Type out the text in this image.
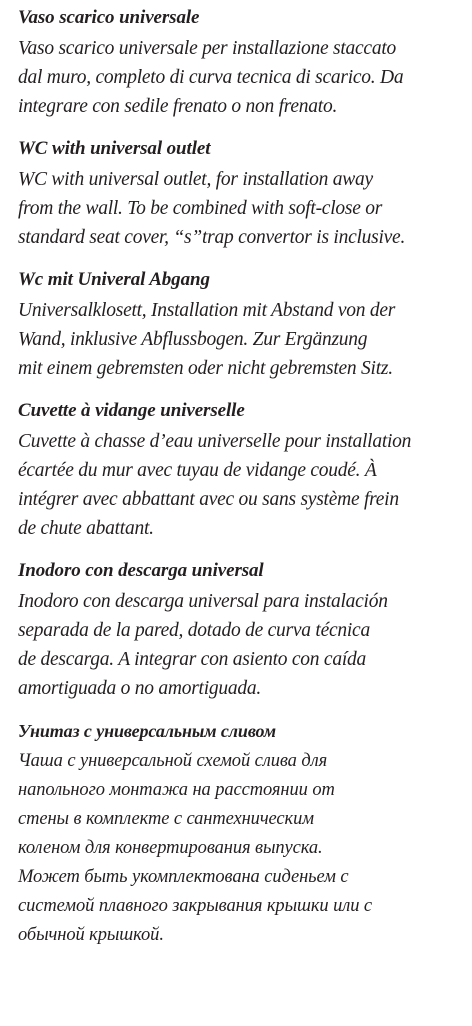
Vaso scarico universale

Vaso scarico universale per installazione staccato
dal muro, completo di curva tecnica di scarico. Da
integrare con sedile frenato o non frenato.

WC with universal outlet

WC with universal outlet, for installation away
from the wall. To be combined with soft-close or
standard seat cover, “s”trap convertor is inclusive.

Wc mit Univeral Abgang

Universalklosett, Installation mit Abstand von der
Wand, inklusive Abflussbogen. Zur Ergänzung
mit einem gebremsten oder nicht gebremsten Sitz.

Cuvette à vidange universelle

Cuvette à chasse d’eau universelle pour installation
écartée du mur avec tuyau de vidange coudé. À
intégrer avec abbattant avec ou sans système frein
de chute abattant.

Inodoro con descarga universal

Inodoro con descarga universal para instalación
separada de la pared, dotado de curva técnica
de descarga. A integrar con asiento con caída
amortiguada o no amortiguada.

Унитаз с универсальным сливом

Чаша с универсальной схемой слива для
напольного монтажа на расстоянии от
стены в комплекте с сантехническим
коленом для конвертирования выпуска.
Может быть укомплектована сиденьем с
системой плавного закрывания крышки или с
обычной крышкой.
